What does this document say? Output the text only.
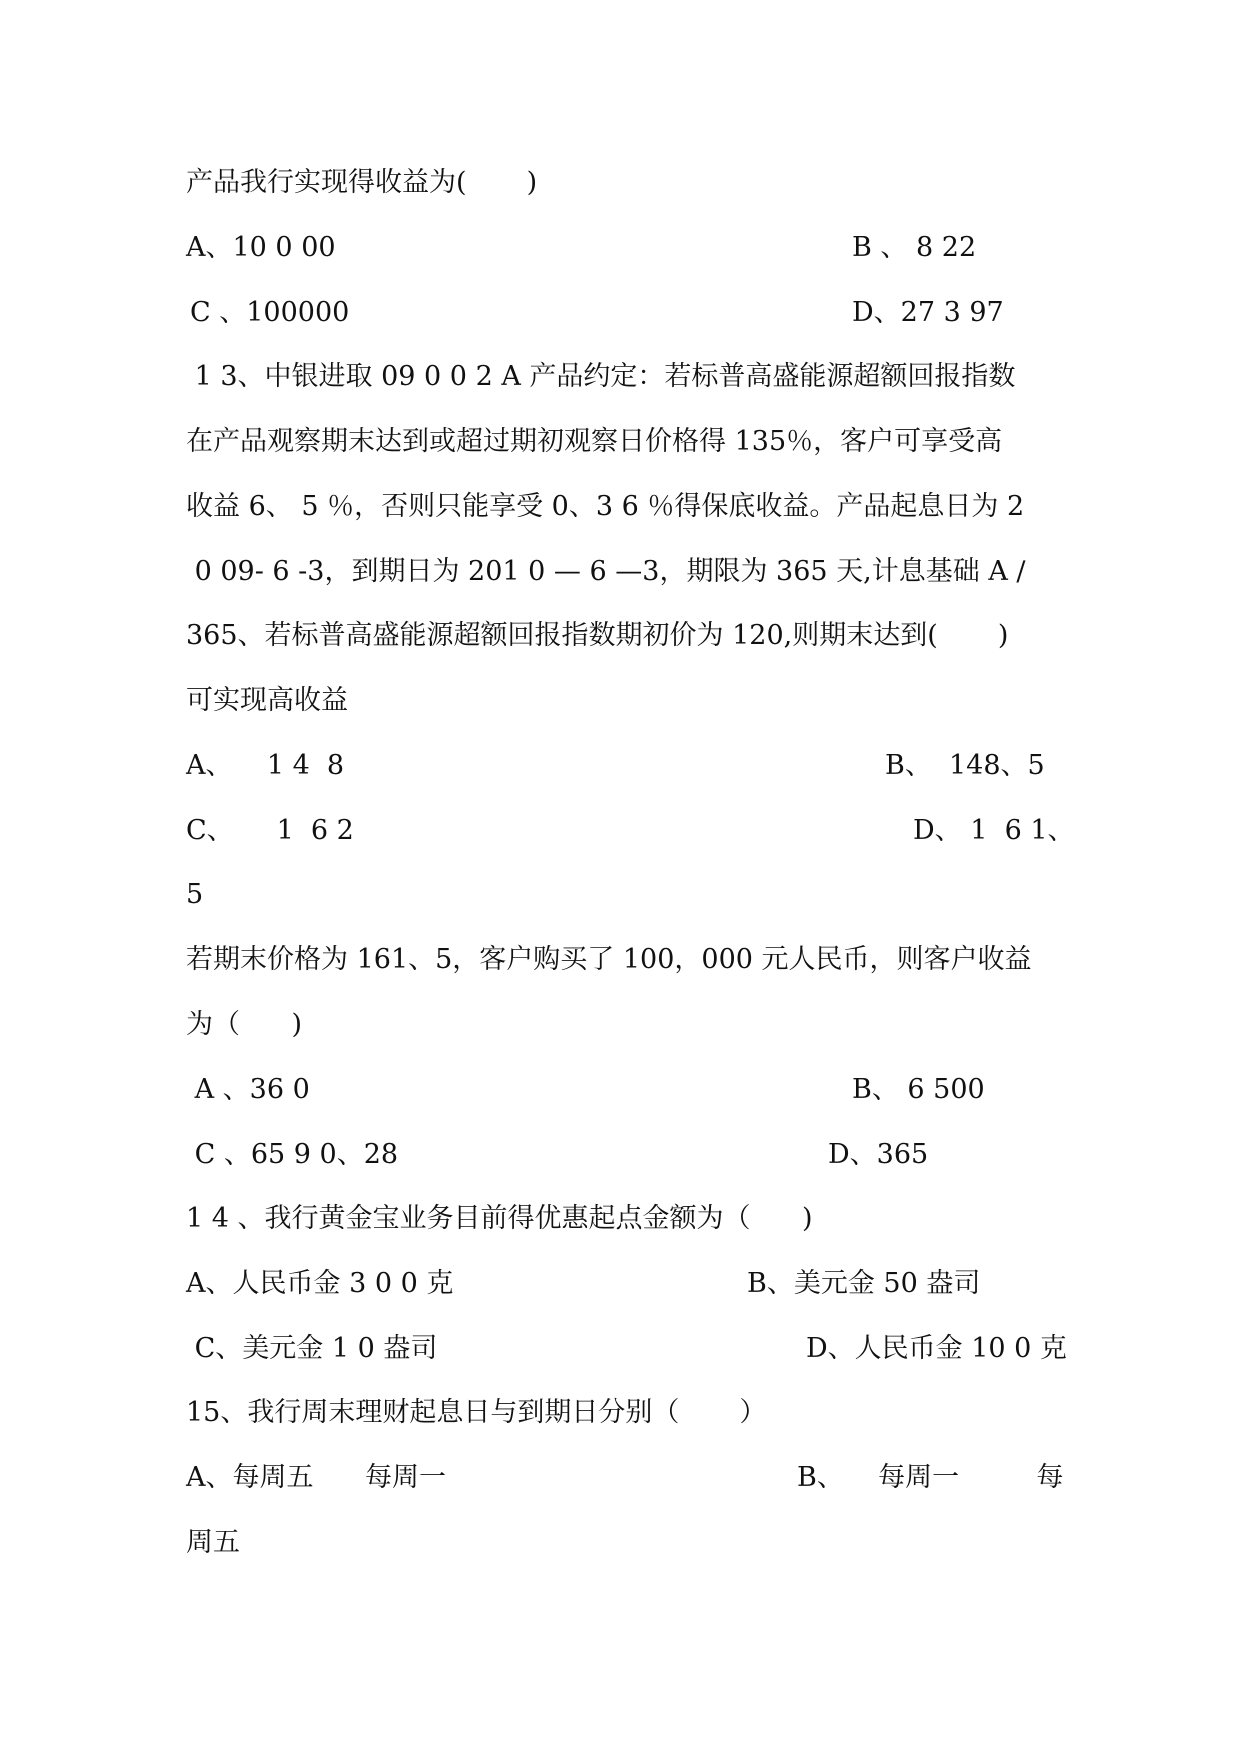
产品我行实现得收益为(       )
A、10 0 00	B 、 8 22
C 、100000	D、27 3 97
1 3、中银进取 09 0 0 2 A 产品约定：若标普高盛能源超额回报指数
在产品观察期末达到或超过期初观察日价格得 135％，客户可享受高
收益 6、 5 ％，否则只能享受 0、3 6 ％得保底收益。产品起息日为 2
0 09- 6 -3，到期日为 201 0 — 6 —3，期限为 365 天,计息基础 A ∕
365、若标普高盛能源超额回报指数期初价为 120,则期末达到(       )
可实现高收益
A、    1 4  8	B、  148、5
C、     1  6 2	D、 1  6 1、
5
若期末价格为 161、5，客户购买了 100，000 元人民币，则客户收益
为（      )
A 、36 0	B、 6 500
C 、65 9 0、28	D、365
1 4 、我行黄金宝业务目前得优惠起点金额为（      )
A、人民币金 3 0 0 克	B、美元金 50 盎司
C、美元金 1 0 盎司	D、人民币金 10 0 克
15、我行周末理财起息日与到期日分别（       ）
A、每周五      每周一	B、    每周一         每
周五
